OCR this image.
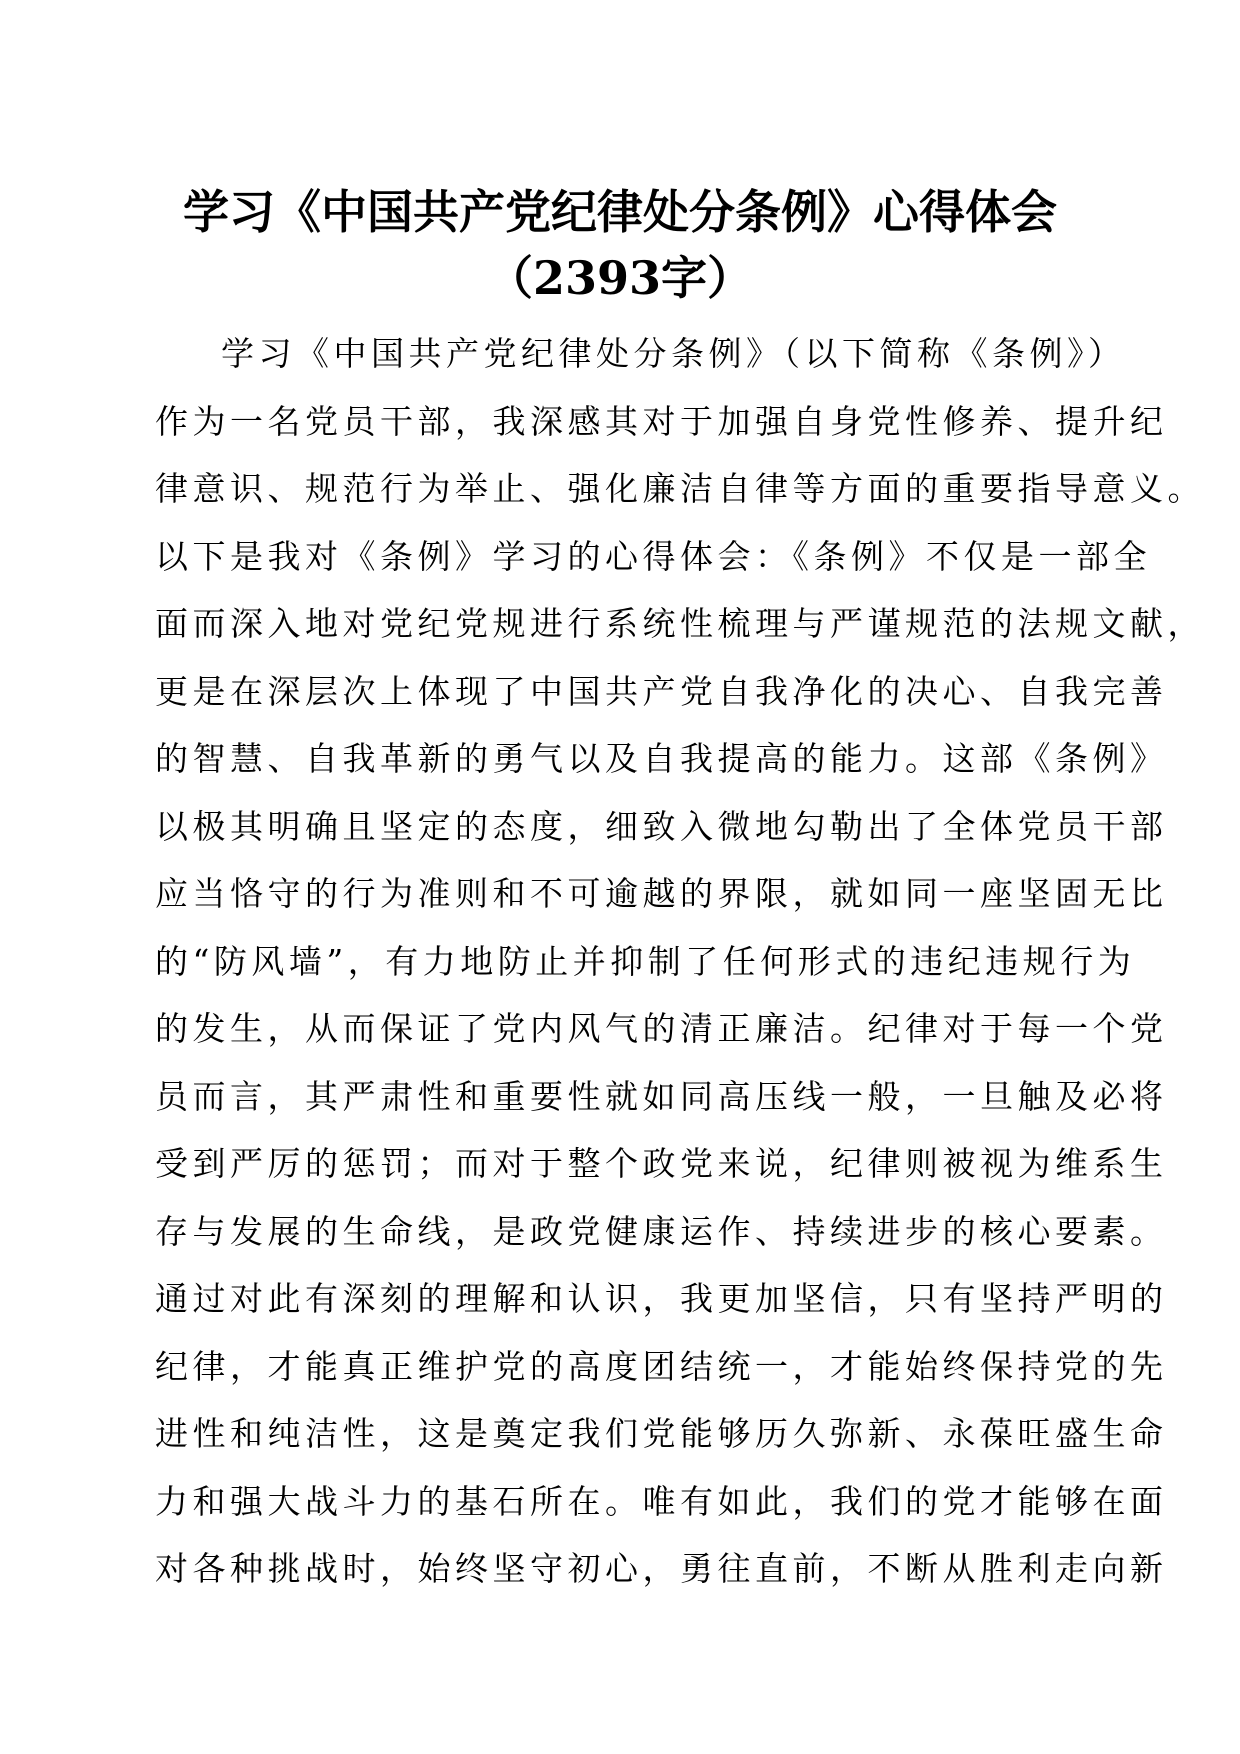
学习《中国共产党纪律处分条例》心得体会
（2393字）
学习《中国共产党纪律处分条例》（以下简称《条例》）
作为一名党员干部，我深感其对于加强自身党性修养、提升纪
律意识、规范行为举止、强化廉洁自律等方面的重要指导意义。
以下是我对《条例》学习的心得体会：《条例》不仅是一部全
面而深入地对党纪党规进行系统性梳理与严谨规范的法规文献，
更是在深层次上体现了中国共产党自我净化的决心、自我完善
的智慧、自我革新的勇气以及自我提高的能力。这部《条例》
以极其明确且坚定的态度，细致入微地勾勒出了全体党员干部
应当恪守的行为准则和不可逾越的界限，就如同一座坚固无比
的“防风墙”，有力地防止并抑制了任何形式的违纪违规行为
的发生，从而保证了党内风气的清正廉洁。纪律对于每一个党
员而言，其严肃性和重要性就如同高压线一般，一旦触及必将
受到严厉的惩罚；而对于整个政党来说，纪律则被视为维系生
存与发展的生命线，是政党健康运作、持续进步的核心要素。
通过对此有深刻的理解和认识，我更加坚信，只有坚持严明的
纪律，才能真正维护党的高度团结统一，才能始终保持党的先
进性和纯洁性，这是奠定我们党能够历久弥新、永葆旺盛生命
力和强大战斗力的基石所在。唯有如此，我们的党才能够在面
对各种挑战时，始终坚守初心，勇往直前，不断从胜利走向新
